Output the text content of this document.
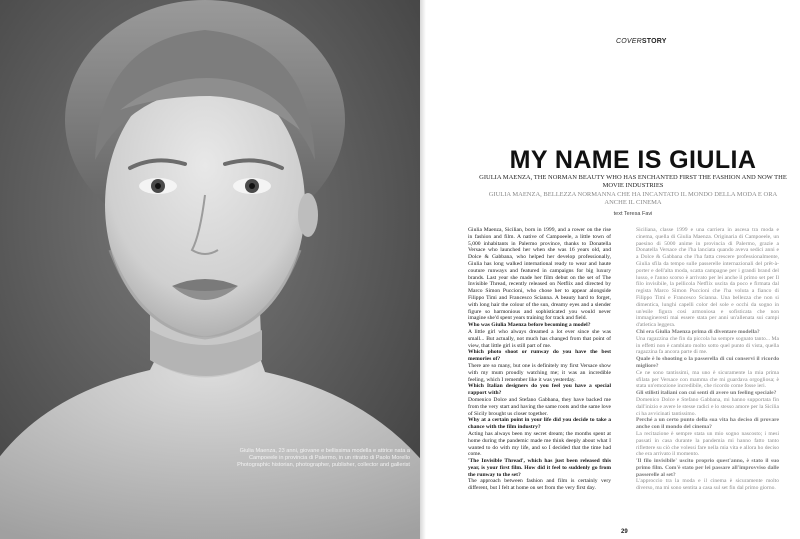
Giulia Maenza, 23 anni, giovane e bellissima modella e attrice nata a Campoeele in provincia di Palermo, in un ritratto di Paolo Morello Photographic historian, photographer, publisher, collector and gallerist
COVERSTORY
MY NAME IS GIULIA
GIULIA MAENZA, THE NORMAN BEAUTY WHO HAS ENCHANTED FIRST THE FASHION AND NOW THE MOVIE INDUSTRIES
GIULIA MAENZA, BELLEZZA NORMANNA CHE HA INCANTATO IL MONDO DELLA MODA E ORA ANCHE IL CINEMA
text Teresa Favi

Giulia Maenza, Sicilian, born in 1999, and a rower on the rise in fashion and film. A native of Campoeele, a little town of 5,000 inhabitants in Palermo province, thanks to Donatella Versace who launched her when she was 16 years old, and Dolce & Gabbana, who helped her develop professionally, Giulia has long walked international ready to wear and haute couture runways and featured in campaigns for big luxury brands. Last year she made her film debut on the set of The Invisible Thread, recently released on Netflix and directed by Marco Simon Puccioni, who chose her to appear alongside Filippo Timi and Francesco Scianna. A beauty hard to forget, with long hair the colour of the sun, dreamy eyes and a slender figure so harmonious and sophisticated you would never imagine she'd spent years training for track and field.

Who was Giulia Maenza before becoming a model?

A little girl who always dreamed a lot ever since she was small... But actually, not much has changed from that point of view, that little girl is still part of me.

Which photo shoot or runway do you have the best memories of?

There are so many, but one is definitely my first Versace show with my mum proudly watching me; it was an incredible feeling, which I remember like it was yesterday.

Which Italian designers do you feel you have a special rapport with?

Domenico Dolce and Stefano Gabbana, they have backed me from the very start and having the same roots and the same love of Sicily brought us closer together.

Why at a certain point in your life did you decide to take a chance with the film industry?

Acting has always been my secret dream; the months spent at home during the pandemic made me think deeply about what I wanted to do with my life, and so I decided that the time had come.

'The Invisible Thread', which has just been released this year, is your first film. How did it feel to suddenly go from the runway to the set?

The approach between fashion and film is certainly very different, but I felt at home on set from the very first day.

Siciliana, classe 1999 e una carriera in ascesa tra moda e cinema, quella di Giulia Maenza. Originaria di Campoeele, un paesino di 5000 anime in provincia di Palermo, grazie a Donatella Versace che l'ha lanciata quando aveva sedici anni e a Dolce & Gabbana che l'ha fatta crescere professionalmente, Giulia sfila da tempo sulle passerelle internazionali del prêt-à-porter e dell'alta moda, scatta campagne per i grandi brand del lusso, e l'anno scorso è arrivato per lei anche il primo set per Il filo invisibile, la pellicola Netflix uscita da poco e firmata dal regista Marco Simon Puccioni che l'ha voluta a fianco di Filippo Timi e Francesco Scianna. Una bellezza che non si dimentica, lunghi capelli color del sole e occhi da sogno in un'esile figura così armoniosa e sofisticata che non immagineresti mai essere stata per anni un'allenata sui campi d'atletica leggera.

Chi era Giulia Maenza prima di diventare modella?

Una ragazzina che fin da piccola ha sempre sognato tanto... Ma in effetti non è cambiato molto sotto quel punto di vista, quella ragazzina fa ancora parte di me.

Quale è lo shooting o la passerella di cui conservi il ricordo migliore?

Ce ne sono tantissimi, ma uno è sicuramente la mia prima sfilata per Versace con mamma che mi guardava orgogliosa; è stata un'emozione incredibile, che ricordo come fosse ieri.

Gli stilisti italiani con cui senti di avere un feeling speciale?

Domenico Dolce e Stefano Gabbana, mi hanno supportata fin dall'inizio e avere le stesse radici e lo stesso amore per la Sicilia ci ha avvicinati tantissimo.

Perché a un certo punto della sua vita ha deciso di provare anche con il mondo del cinema?

La recitazione è sempre stata un mio sogno nascosto; i mesi passati in casa durante la pandemia mi hanno fatto tanto riflettere su ciò che volessi fare nella mia vita e allora ho deciso che era arrivato il momento.

'Il filo invisibile' uscito proprio quest'anno, è stato il suo primo film. Com'è stato per lei passare all'improvviso dalle passerelle al set?

L'approccio tra la moda e il cinema è sicuramente molto diverso, ma mi sono sentita a casa sul set fin dal primo giorno.

29
